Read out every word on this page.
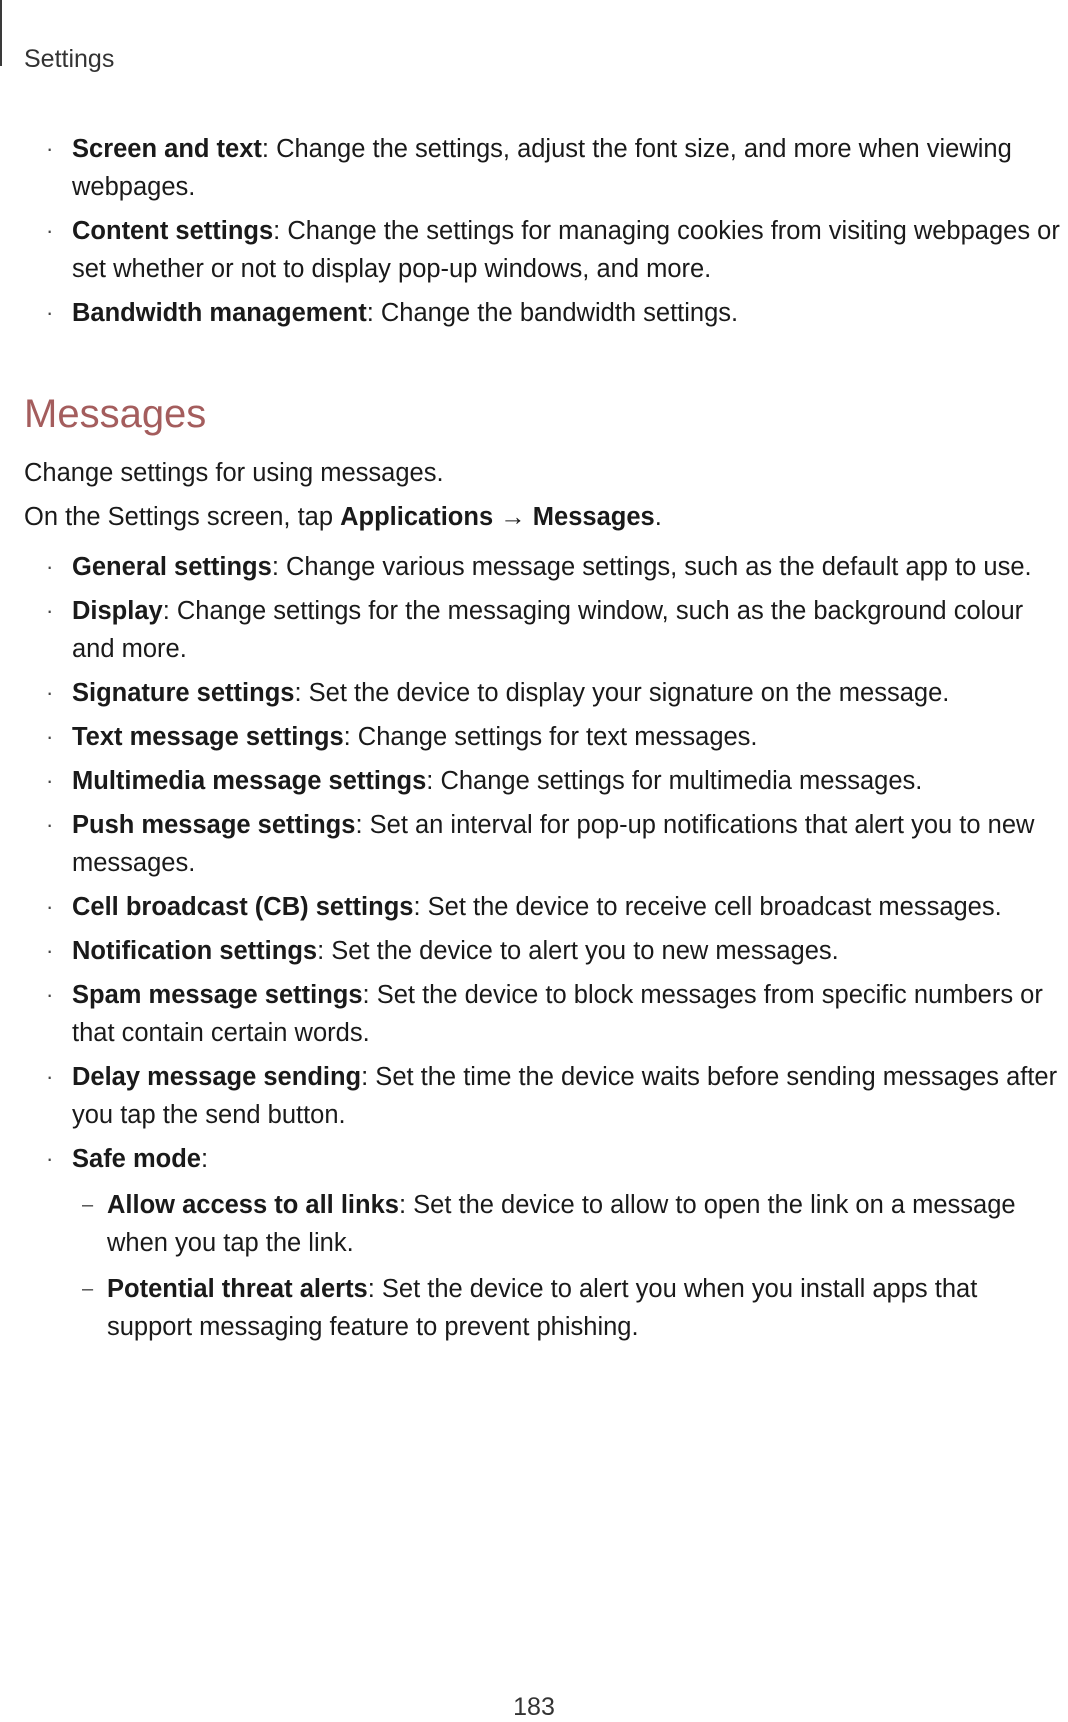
Settings
· Screen and text: Change the settings, adjust the font size, and more when viewing webpages.
· Content settings: Change the settings for managing cookies from visiting webpages or set whether or not to display pop-up windows, and more.
· Bandwidth management: Change the bandwidth settings.
Messages

Change settings for using messages.

On the Settings screen, tap Applications → Messages.

· General settings: Change various message settings, such as the default app to use.
· Display: Change settings for the messaging window, such as the background colour and more.
· Signature settings: Set the device to display your signature on the message.
· Text message settings: Change settings for text messages.
· Multimedia message settings: Change settings for multimedia messages.
· Push message settings: Set an interval for pop-up notifications that alert you to new messages.
· Cell broadcast (CB) settings: Set the device to receive cell broadcast messages.
· Notification settings: Set the device to alert you to new messages.
· Spam message settings: Set the device to block messages from specific numbers or that contain certain words.
· Delay message sending: Set the time the device waits before sending messages after you tap the send button.
· Safe mode:
– Allow access to all links: Set the device to allow to open the link on a message when you tap the link.
– Potential threat alerts: Set the device to alert you when you install apps that support messaging feature to prevent phishing.
183
